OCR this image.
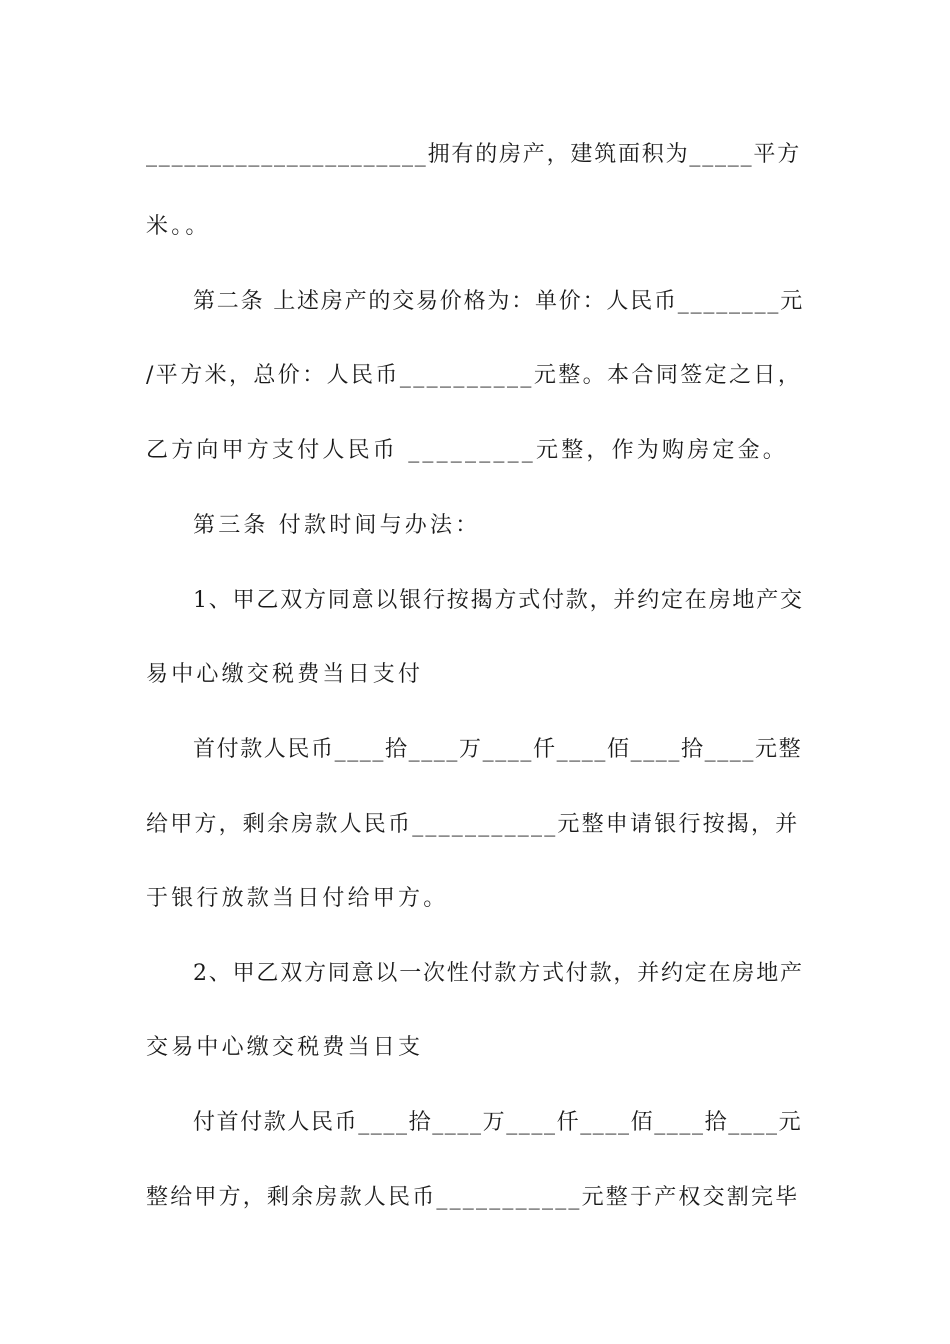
______________________拥有的房产，建筑面积为_____平方
米。。
第二条 上述房产的交易价格为：单价：人民币________元
/平方米，总价：人民币__________元整。本合同签定之日，
乙方向甲方支付人民币 _________元整，作为购房定金。
第三条 付款时间与办法：
1、甲乙双方同意以银行按揭方式付款，并约定在房地产交
易中心缴交税费当日支付
首付款人民币____拾____万____仟____佰____拾____元整
给甲方，剩余房款人民币___________元整申请银行按揭，并
于银行放款当日付给甲方。
2、甲乙双方同意以一次性付款方式付款，并约定在房地产
交易中心缴交税费当日支
付首付款人民币____拾____万____仟____佰____拾____元
整给甲方，剩余房款人民币___________元整于产权交割完毕
